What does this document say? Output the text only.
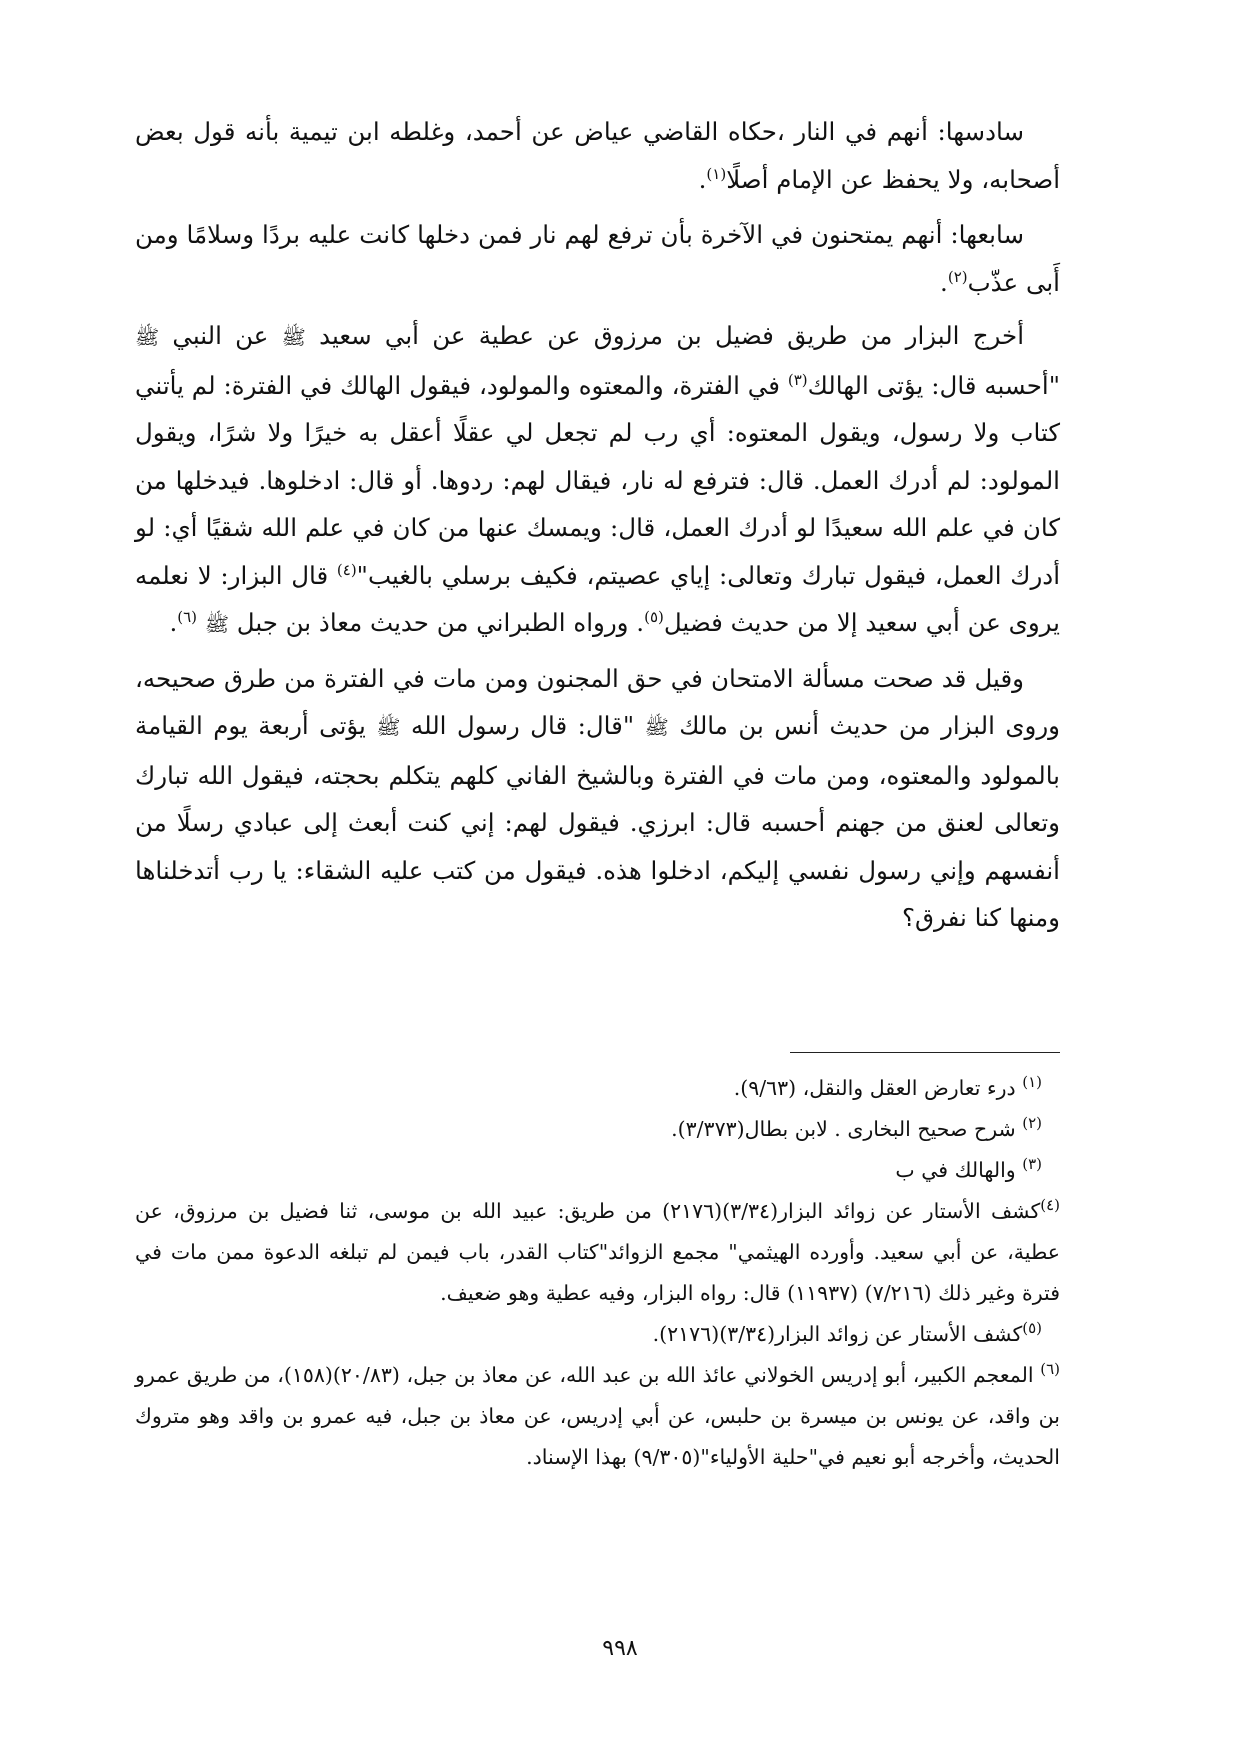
سادسها: أنهم في النار ،حكاه القاضي عياض عن أحمد، وغلطه ابن تيمية بأنه قول بعض أصحابه، ولا يحفظ عن الإمام أصلًا$^{(١)}$.

سابعها: أنهم يمتحنون في الآخرة بأن ترفع لهم نار فمن دخلها كانت عليه بردًا وسلامًا ومن أَبى عذّب$^{(٢)}$.

أخرج البزار من طريق فضيل بن مرزوق عن عطية عن أبي سعيد ﷺ عن النبي ﷺ "أحسبه قال: يؤتى الهالك$^{(٣)}$ في الفترة، والمعتوه والمولود، فيقول الهالك في الفترة: لم يأتني كتاب ولا رسول، ويقول المعتوه: أي رب لم تجعل لي عقلًا أعقل به خيرًا ولا شرًا، ويقول المولود: لم أدرك العمل. قال: فترفع له نار، فيقال لهم: ردوها. أو قال: ادخلوها. فيدخلها من كان في علم الله سعيدًا لو أدرك العمل، قال: ويمسك عنها من كان في علم الله شقيًا أي: لو أدرك العمل، فيقول تبارك وتعالى: إياي عصيتم، فكيف برسلي بالغيب"$^{(٤)}$ قال البزار: لا نعلمه يروى عن أبي سعيد إلا من حديث فضيل$^{(٥)}$. ورواه الطبراني من حديث معاذ بن جبل ﷺ $^{(٦)}$.

وقيل قد صحت مسألة الامتحان في حق المجنون ومن مات في الفترة من طرق صحيحه، وروى البزار من حديث أنس بن مالك ﷺ "قال: قال رسول الله ﷺ يؤتى أربعة يوم القيامة بالمولود والمعتوه، ومن مات في الفترة وبالشيخ الفاني كلهم يتكلم بحجته، فيقول الله تبارك وتعالى لعنق من جهنم أحسبه قال: ابرزي. فيقول لهم: إني كنت أبعث إلى عبادي رسلًا من أنفسهم وإني رسول نفسي إليكم، ادخلوا هذه. فيقول من كتب عليه الشقاء: يا رب أتدخلناها ومنها كنا نفرق؟

$^{(١)}$ درء تعارض العقل والنقل، (٩/٦٣).

$^{(٢)}$ شرح صحيح البخارى . لابن بطال(٣/٣٧٣).

$^{(٣)}$ والهالك في ب

$^{(٤)}$كشف الأستار عن زوائد البزار(٣/٣٤)(٢١٧٦) من طريق: عبيد الله بن موسى، ثنا فضيل بن مرزوق، عن عطية، عن أبي سعيد. وأورده الهيثمي" مجمع الزوائد"كتاب القدر، باب فيمن لم تبلغه الدعوة ممن مات في فترة وغير ذلك (٧/٢١٦) (١١٩٣٧) قال: رواه البزار، وفيه عطية وهو ضعيف.

$^{(٥)}$كشف الأستار عن زوائد البزار(٣/٣٤)(٢١٧٦).

$^{(٦)}$ المعجم الكبير، أبو إدريس الخولاني عائذ الله بن عبد الله، عن معاذ بن جبل، (٢٠/٨٣)(١٥٨)، من طريق عمرو بن واقد، عن يونس بن ميسرة بن حلبس، عن أبي إدريس، عن معاذ بن جبل، فيه عمرو بن واقد وهو متروك الحديث، وأخرجه أبو نعيم في"حلية الأولياء"(٩/٣٠٥) بهذا الإسناد.

٩٩٨
